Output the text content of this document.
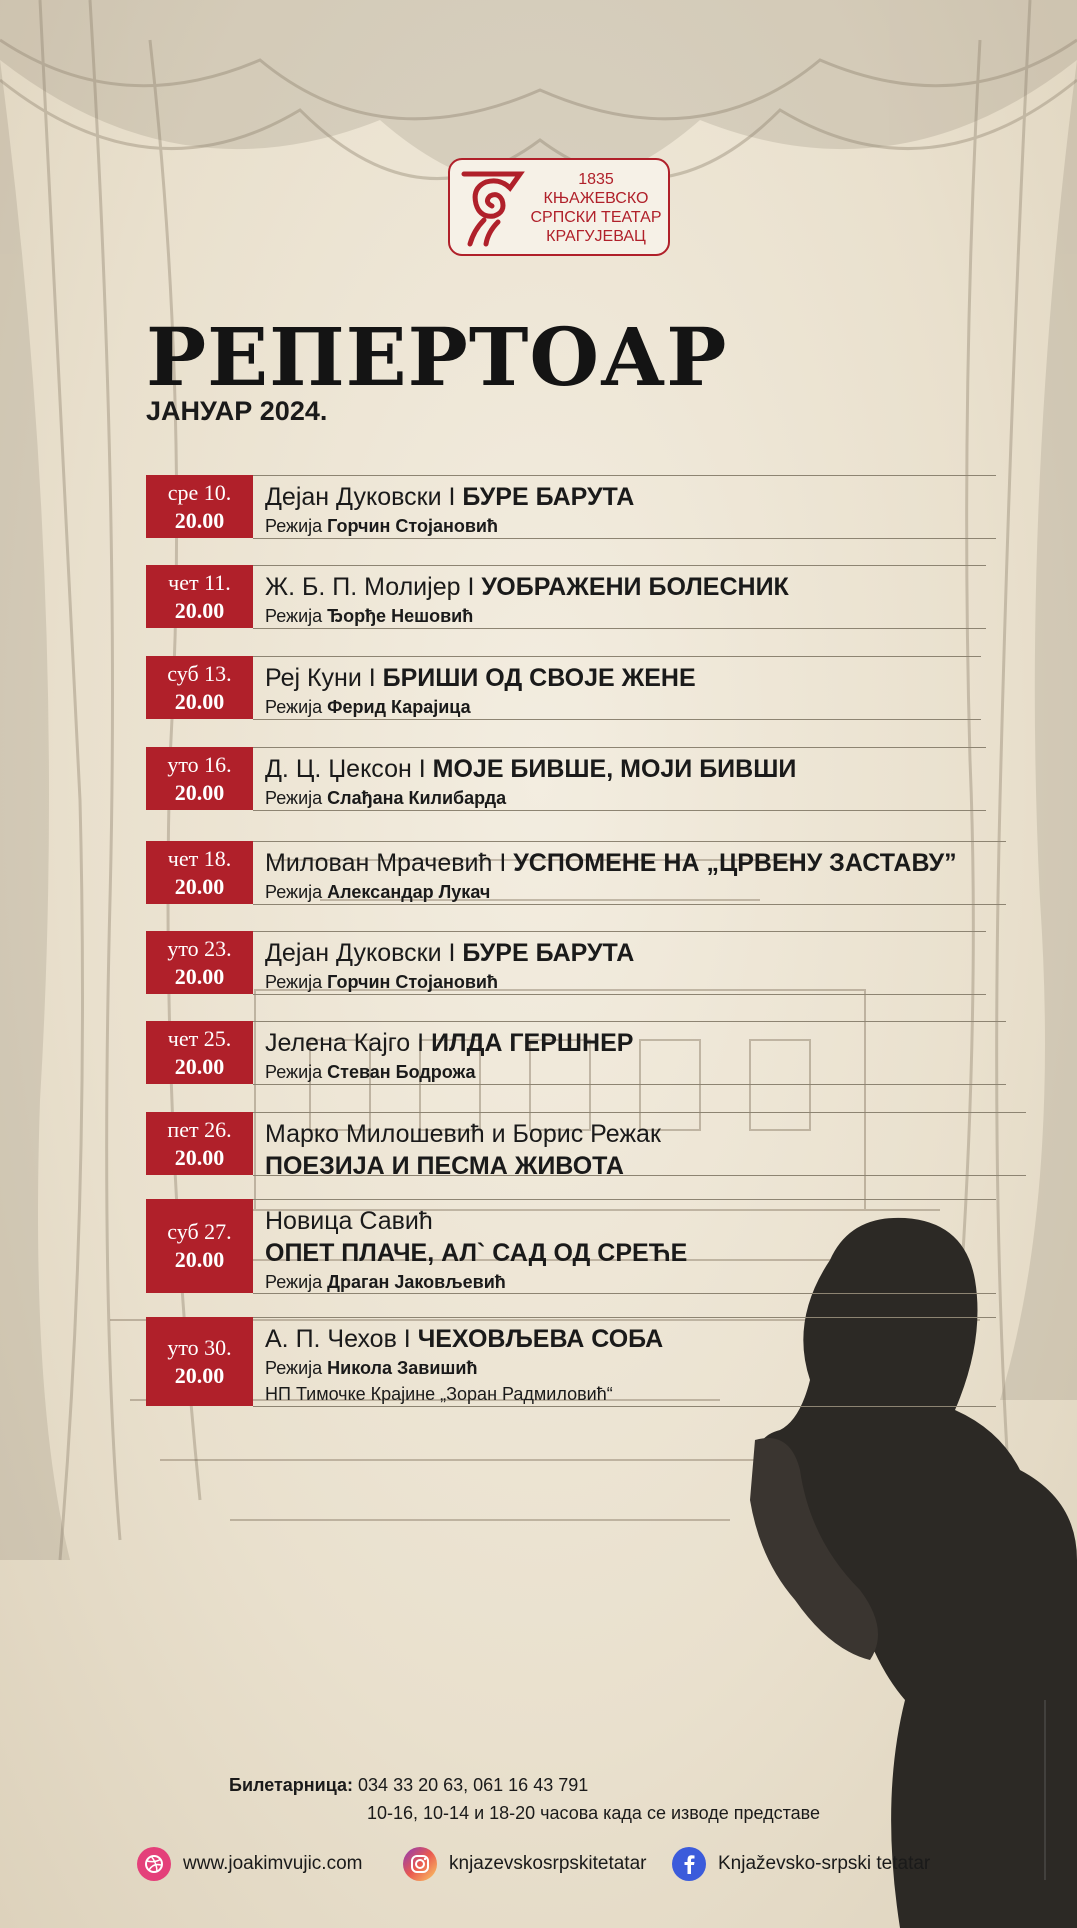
1835
КЊАЖЕВСКО
СРПСКИ ТЕАТАР
КРАГУЈЕВАЦ
РЕПЕРТОАР
ЈАНУАР 2024.
сре 10.
20.00
Дејан Дуковски І БУРЕ БАРУТА
Режија Горчин Стојановић
чет 11.
20.00
Ж. Б. П. Молијер І УОБРАЖЕНИ БОЛЕСНИК
Режија Ђорђе Нешовић
суб 13.
20.00
Реј Куни І БРИШИ ОД СВОЈЕ ЖЕНЕ
Режија Ферид Карајица
уто 16.
20.00
Д. Ц. Џексон І МОЈЕ БИВШЕ, МОЈИ БИВШИ
Режија Слађана Килибарда
чет 18.
20.00
Милован Мрачевић І УСПОМЕНЕ НА „ЦРВЕНУ ЗАСТАВУ”
Режија Александар Лукач
уто 23.
20.00
Дејан Дуковски І БУРЕ БАРУТА
Режија Горчин Стојановић
чет 25.
20.00
Јелена Кајго І ИЛДА ГЕРШНЕР
Режија Стеван Бодрожа
пет 26.
20.00
Марко Милошевић и Борис Режак
ПОЕЗИЈА И ПЕСМА ЖИВОТА
суб 27.
20.00
Новица Савић
ОПЕТ ПЛАЧЕ, АЛ` САД ОД СРЕЋЕ
Режија Драган Јаковљевић
уто 30.
20.00
А. П. Чехов І ЧЕХОВЉЕВА СОБА
Режија Никола Завишић
НП Тимочке Крајине „Зоран Радмиловић“
Билетарница: 034 33 20 63, 061 16 43 791
10-16, 10-14 и 18-20 часова када се изводе представе
www.joakimvujic.com	knjazevskosrpskitetatar	Knjaževsko-srpski tetatar
